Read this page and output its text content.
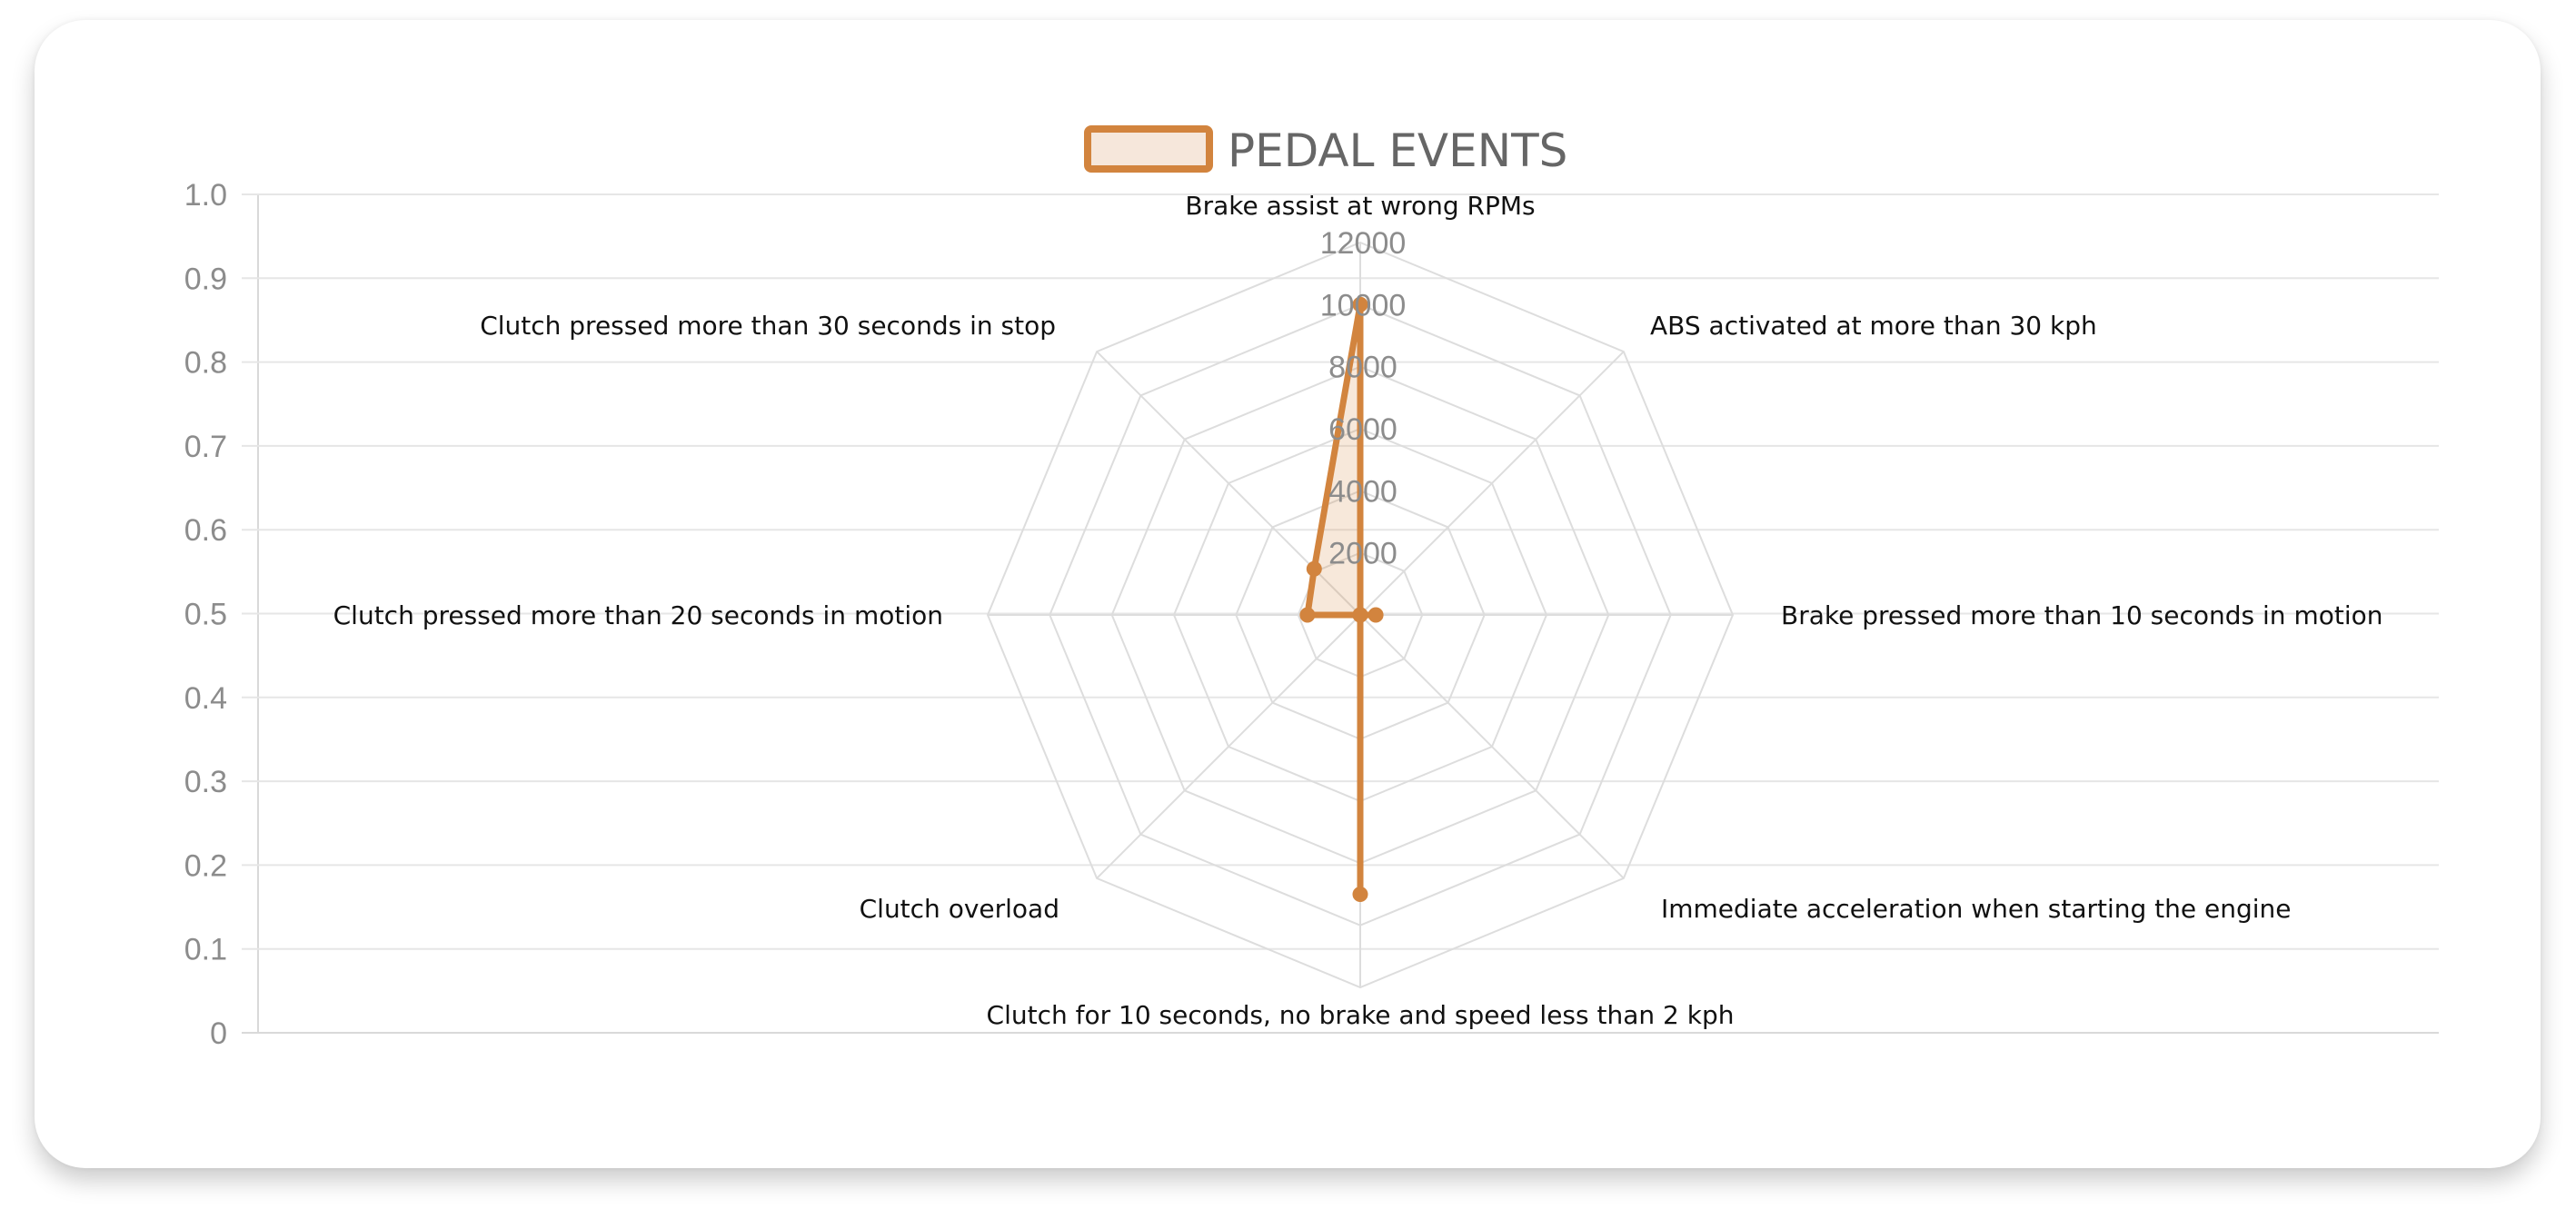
PEDAL EVENTS
0
0.1
0.2
0.3
0.4
0.5
0.6
0.7
0.8
0.9
1.0
2000
4000
6000
8000
10000
12000
Brake assist at wrong RPMs
ABS activated at more than 30 kph
Brake pressed more than 10 seconds in motion
Immediate acceleration when starting the engine
Clutch for 10 seconds, no brake and speed less than 2 kph
Clutch overload
Clutch pressed more than 20 seconds in motion
Clutch pressed more than 30 seconds in stop
